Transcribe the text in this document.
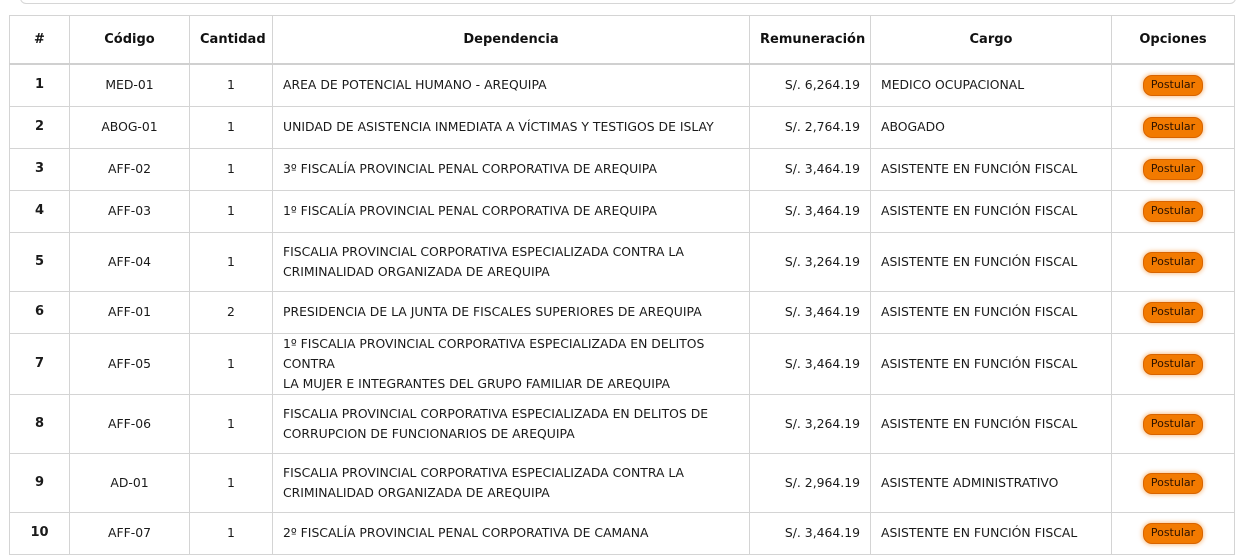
#	Código	Cantidad	Dependencia	Remuneración	Cargo	Opciones
1	MED-01	1	AREA DE POTENCIAL HUMANO - AREQUIPA	S/. 6,264.19	MEDICO OCUPACIONAL	Postular
2	ABOG-01	1	UNIDAD DE ASISTENCIA INMEDIATA A VÍCTIMAS Y TESTIGOS DE ISLAY	S/. 2,764.19	ABOGADO	Postular
3	AFF-02	1	3º FISCALÍA PROVINCIAL PENAL CORPORATIVA DE AREQUIPA	S/. 3,464.19	ASISTENTE EN FUNCIÓN FISCAL	Postular
4	AFF-03	1	1º FISCALÍA PROVINCIAL PENAL CORPORATIVA DE AREQUIPA	S/. 3,464.19	ASISTENTE EN FUNCIÓN FISCAL	Postular
5	AFF-04	1	FISCALIA PROVINCIAL CORPORATIVA ESPECIALIZADA CONTRA LA
CRIMINALIDAD ORGANIZADA DE AREQUIPA	S/. 3,264.19	ASISTENTE EN FUNCIÓN FISCAL	Postular
6	AFF-01	2	PRESIDENCIA DE LA JUNTA DE FISCALES SUPERIORES DE AREQUIPA	S/. 3,464.19	ASISTENTE EN FUNCIÓN FISCAL	Postular
7	AFF-05	1	1º FISCALIA PROVINCIAL CORPORATIVA ESPECIALIZADA EN DELITOS CONTRA
LA MUJER E INTEGRANTES DEL GRUPO FAMILIAR DE AREQUIPA	S/. 3,464.19	ASISTENTE EN FUNCIÓN FISCAL	Postular
8	AFF-06	1	FISCALIA PROVINCIAL CORPORATIVA ESPECIALIZADA EN DELITOS DE
CORRUPCION DE FUNCIONARIOS DE AREQUIPA	S/. 3,264.19	ASISTENTE EN FUNCIÓN FISCAL	Postular
9	AD-01	1	FISCALIA PROVINCIAL CORPORATIVA ESPECIALIZADA CONTRA LA
CRIMINALIDAD ORGANIZADA DE AREQUIPA	S/. 2,964.19	ASISTENTE ADMINISTRATIVO	Postular
10	AFF-07	1	2º FISCALÍA PROVINCIAL PENAL CORPORATIVA DE CAMANA	S/. 3,464.19	ASISTENTE EN FUNCIÓN FISCAL	Postular
